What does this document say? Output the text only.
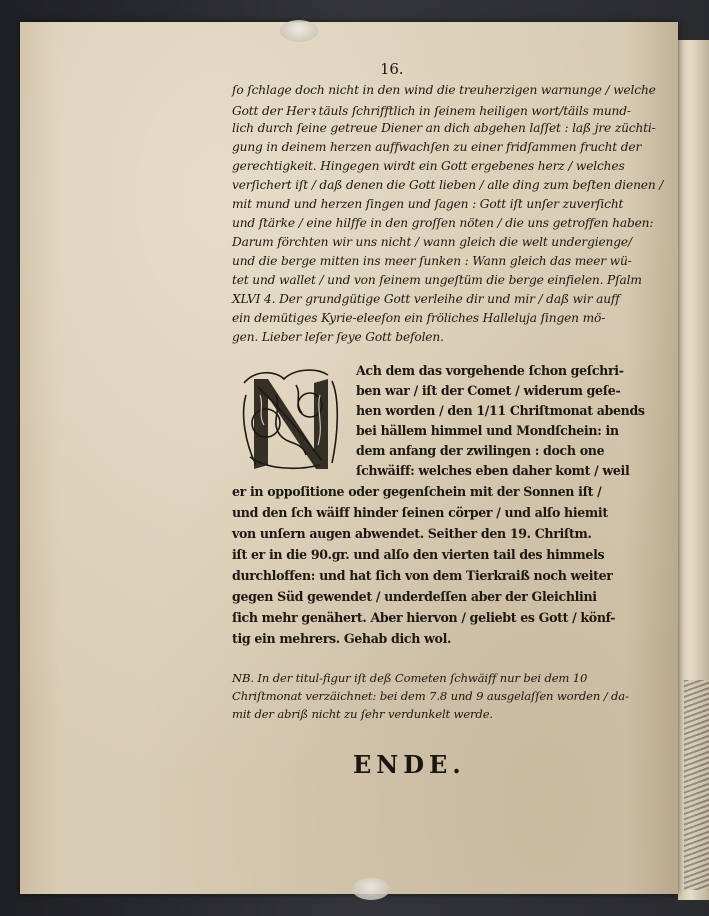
16.
ſo ſchlage doch nicht in den wind die treuherzigen warnunge / welche
Gott der Herꝛ täuls ſchrifftlich in ſeinem heiligen wort/täils mund-
lich durch ſeine getreue Diener an dich abgehen laſſet : laß jre züchti-
gung in deinem herzen auffwachſen zu einer fridſammen frucht der
gerechtigkeit. Hingegen wirdt ein Gott ergebenes herz / welches
verſichert iſt / daß denen die Gott lieben / alle ding zum beſten dienen /
mit mund und herzen ſingen und ſagen : Gott iſt unſer zuverſicht
und ſtärke / eine hilffe in den groſſen nöten / die uns getroffen haben:
Darum förchten wir uns nicht / wann gleich die welt undergienge/
und die berge mitten ins meer ſunken : Wann gleich das meer wü-
tet und wallet / und von ſeinem ungeſtüm die berge einfielen. Pſalm
XLVI 4. Der grundgütige Gott verleihe dir und mir / daß wir auff
ein demütiges Kyrie-eleeſon ein fröliches Halleluja ſingen mö-
gen. Lieber leſer ſeye Gott befolen.
Ach dem das vorgehende ſchon geſchri-
ben war / iſt der Comet / widerum geſe-
hen worden / den 1/11 Chriſtmonat abends
bei hällem himmel und Mondſchein: in
dem anfang der zwilingen : doch one
ſchwäiff: welches eben daher komt / weil
er in oppoſitione oder gegenſchein mit der Sonnen iſt /
und den ſch wäiff hinder ſeinen cörper / und alſo hiemit
von unſern augen abwendet. Seither den 19. Chriſtm.
iſt er in die 90.gr. und alſo den vierten tail des himmels
durchloffen: und hat ſich von dem Tierkraiß noch weiter
gegen Süd gewendet / underdeſſen aber der Gleichlini
ſich mehr genähert. Aber hiervon / geliebt es Gott / könf-
tig ein mehrers. Gehab dich wol.
NB. In der titul-figur iſt deß Cometen ſchwäiff nur bei dem 10
Chriſtmonat verzäichnet: bei dem 7.8 und 9 ausgelaſſen worden / da-
mit der abriß nicht zu ſehr verdunkelt werde.
ENDE.
